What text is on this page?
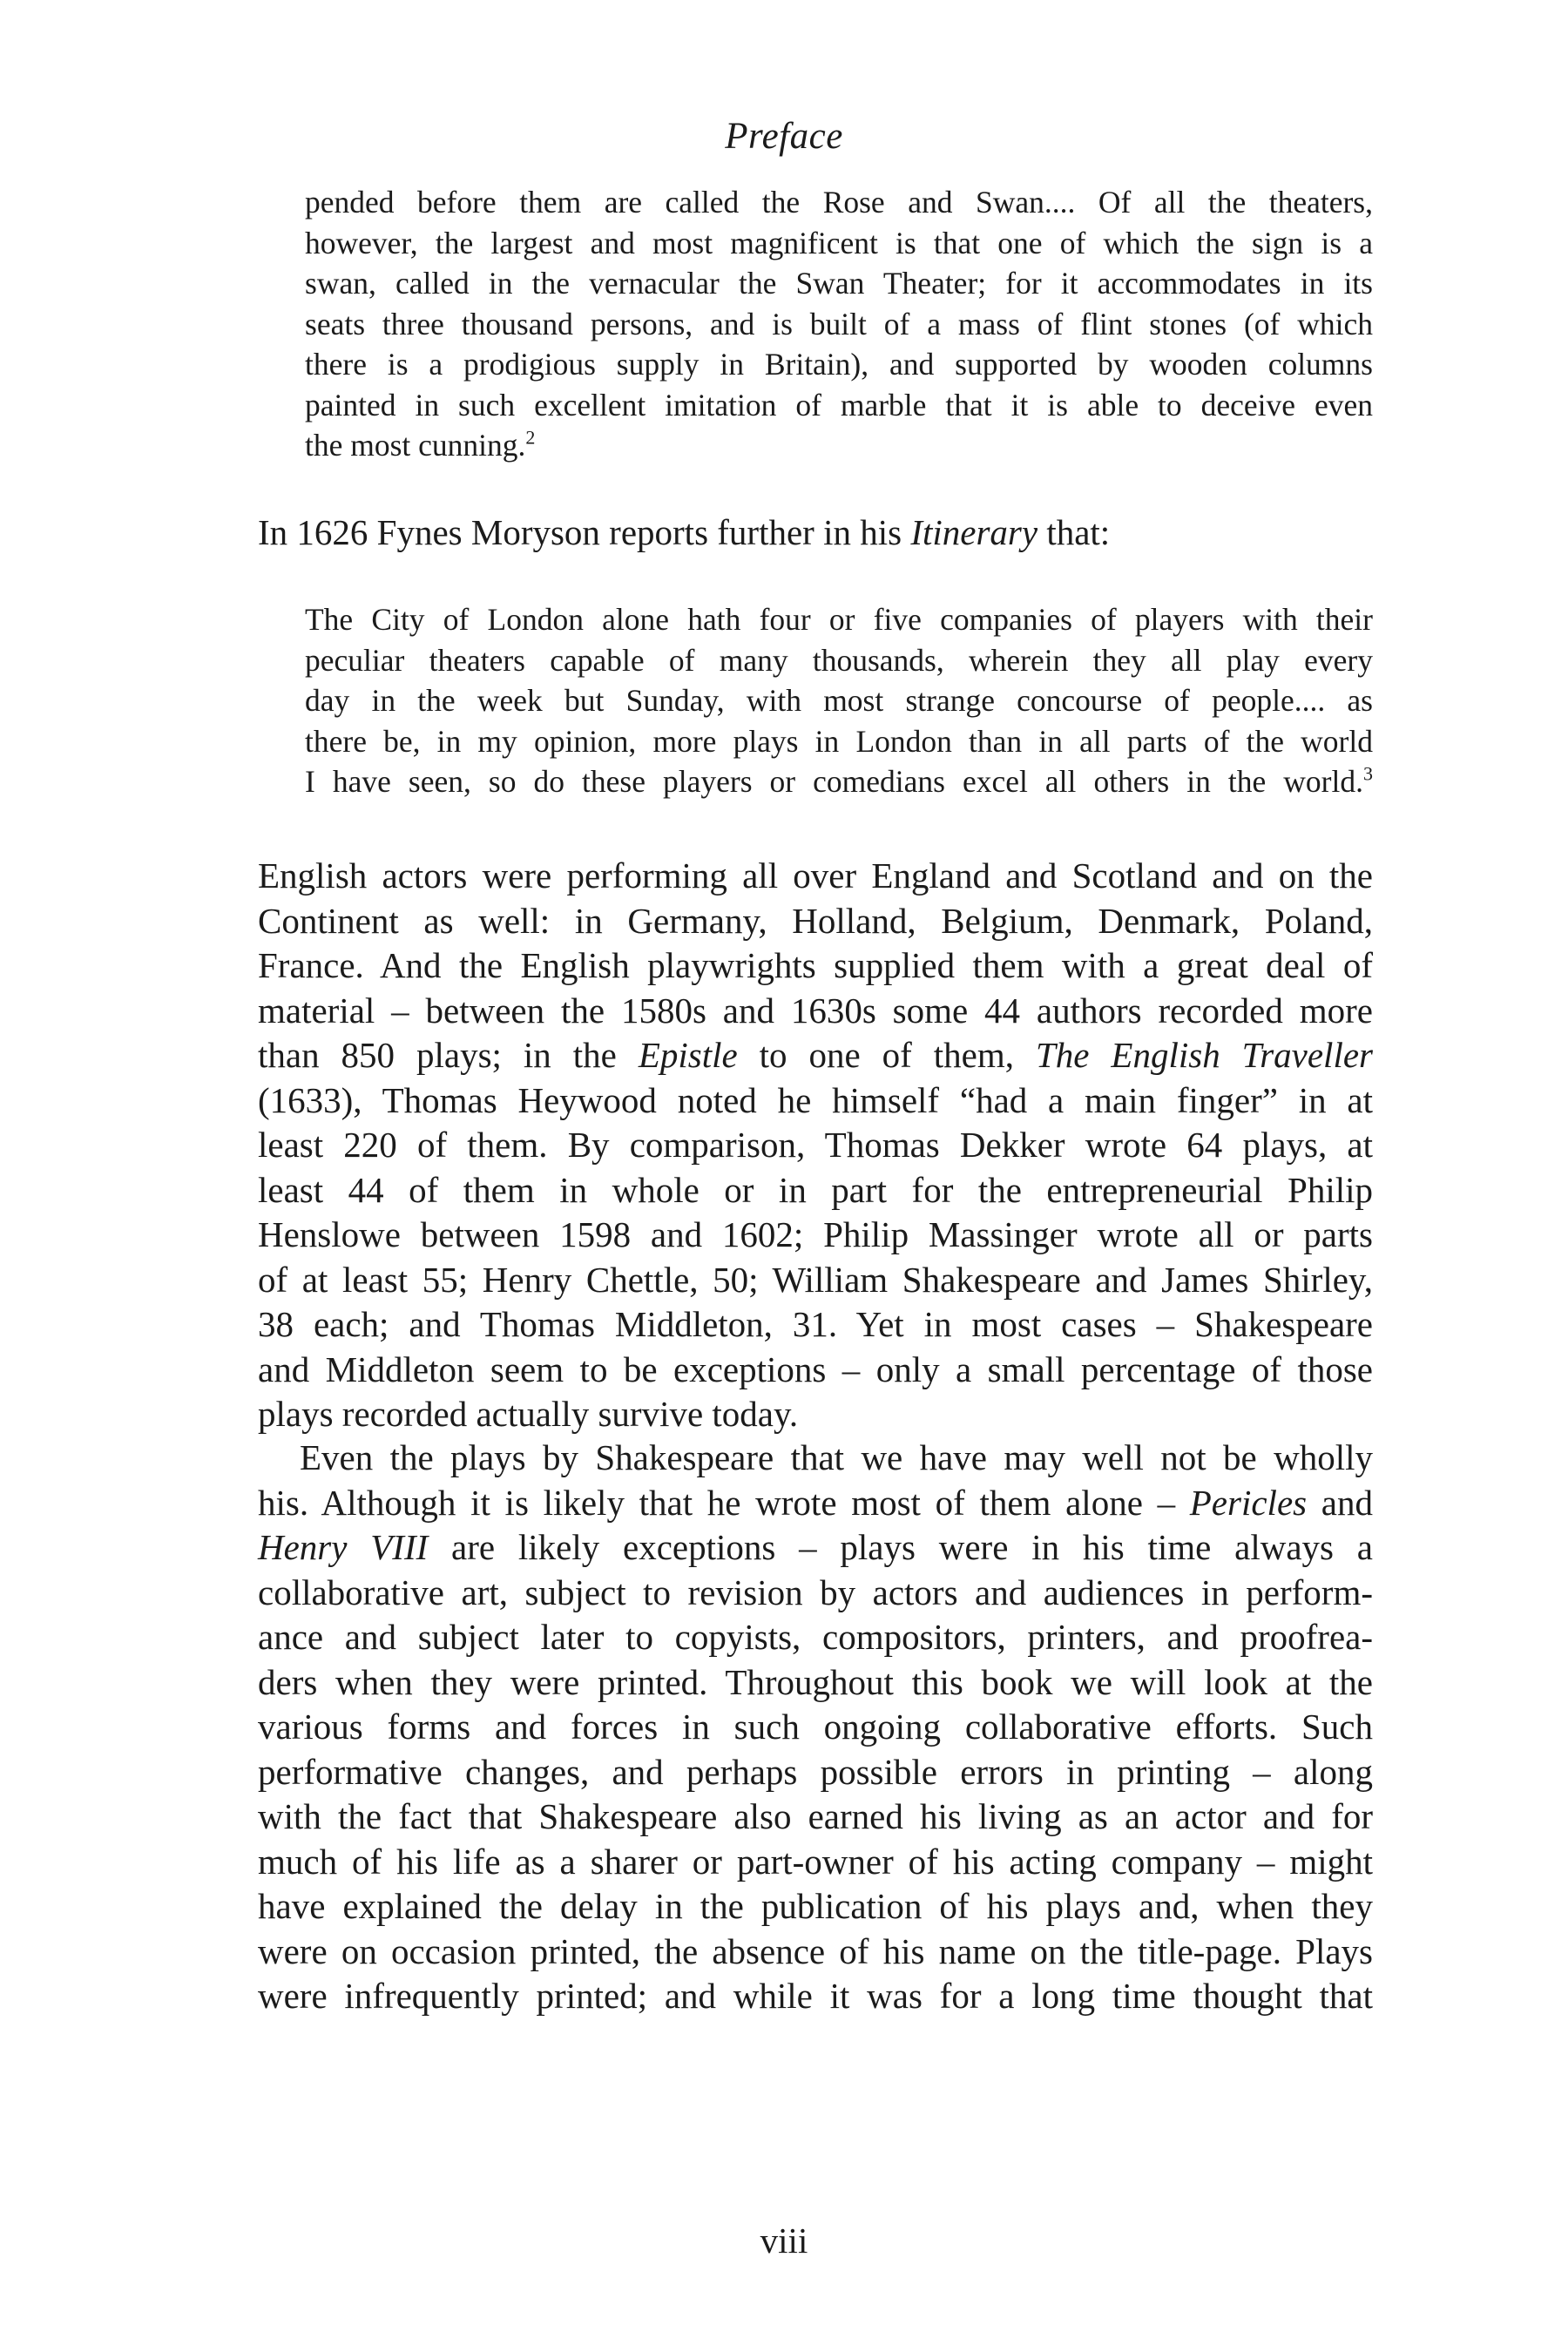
Preface
pended before them are called the Rose and Swan.... Of all the theaters,
however, the largest and most magnificent is that one of which the sign is a
swan, called in the vernacular the Swan Theater; for it accommodates in its
seats three thousand persons, and is built of a mass of flint stones (of which
there is a prodigious supply in Britain), and supported by wooden columns
painted in such excellent imitation of marble that it is able to deceive even
the most cunning.$^2$
In 1626 Fynes Moryson reports further in his Itinerary that:
The City of London alone hath four or five companies of players with their
peculiar theaters capable of many thousands, wherein they all play every
day in the week but Sunday, with most strange concourse of people.... as
there be, in my opinion, more plays in London than in all parts of the world
I have seen, so do these players or comedians excel all others in the world.$^3$
English actors were performing all over England and Scotland and on the
Continent as well: in Germany, Holland, Belgium, Denmark, Poland,
France. And the English playwrights supplied them with a great deal of
material – between the 1580s and 1630s some 44 authors recorded more
than 850 plays; in the Epistle to one of them, The English Traveller
(1633), Thomas Heywood noted he himself “had a main finger” in at
least 220 of them. By comparison, Thomas Dekker wrote 64 plays, at
least 44 of them in whole or in part for the entrepreneurial Philip
Henslowe between 1598 and 1602; Philip Massinger wrote all or parts
of at least 55; Henry Chettle, 50; William Shakespeare and James Shirley,
38 each; and Thomas Middleton, 31. Yet in most cases – Shakespeare
and Middleton seem to be exceptions – only a small percentage of those
plays recorded actually survive today.
Even the plays by Shakespeare that we have may well not be wholly
his. Although it is likely that he wrote most of them alone – Pericles and
Henry VIII are likely exceptions – plays were in his time always a
collaborative art, subject to revision by actors and audiences in perform-
ance and subject later to copyists, compositors, printers, and proofrea-
ders when they were printed. Throughout this book we will look at the
various forms and forces in such ongoing collaborative efforts. Such
performative changes, and perhaps possible errors in printing – along
with the fact that Shakespeare also earned his living as an actor and for
much of his life as a sharer or part-owner of his acting company – might
have explained the delay in the publication of his plays and, when they
were on occasion printed, the absence of his name on the title-page. Plays
were infrequently printed; and while it was for a long time thought that
viii
